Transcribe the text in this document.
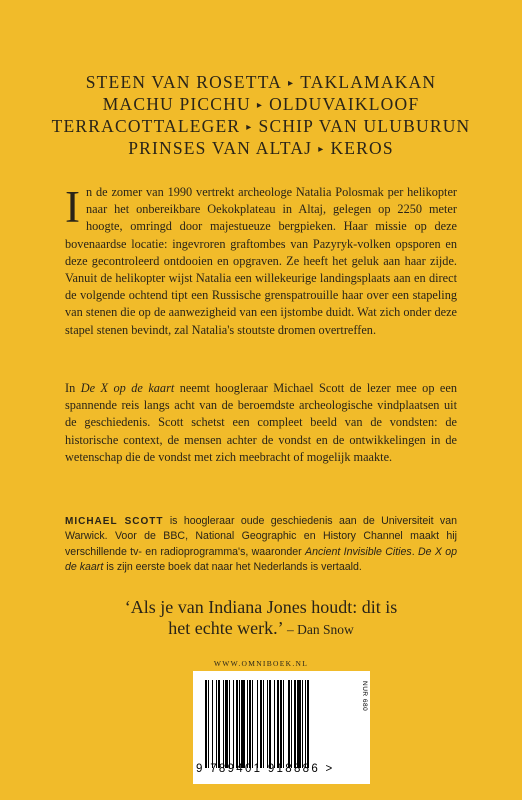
STEEN VAN ROSETTA ▸ TAKLAMAKAN
MACHU PICCHU ▸ OLDUVAIKLOOF
TERRACOTTALEGER ▸ SCHIP VAN ULUBURUN
PRINSES VAN ALTAJ ▸ KEROS
In de zomer van 1990 vertrekt archeologe Natalia Polosmak per helikopter naar het onbereikbare Oekokplateau in Altaj, gelegen op 2250 meter hoogte, omringd door majestueuze bergpieken. Haar missie op deze bovenaardse locatie: ingevroren graftombes van Pazyryk-volken opsporen en deze gecontroleerd ontdooien en opgraven. Ze heeft het geluk aan haar zijde. Vanuit de helikopter wijst Natalia een willekeurige landingsplaats aan en direct de volgende ochtend tipt een Russische grenspatrouille haar over een stapeling van stenen die op de aanwezigheid van een ijstombe duidt. Wat zich onder deze stapel stenen bevindt, zal Natalia's stoutste dromen overtreffen.
In De X op de kaart neemt hoogleraar Michael Scott de lezer mee op een spannende reis langs acht van de beroemdste archeologische vindplaatsen uit de geschiedenis. Scott schetst een compleet beeld van de vondsten: de historische context, de mensen achter de vondst en de ontwikkelingen in de wetenschap die de vondst met zich meebracht of mogelijk maakte.
MICHAEL SCOTT is hoogleraar oude geschiedenis aan de Universiteit van Warwick. Voor de BBC, National Geographic en History Channel maakt hij verschillende tv- en radioprogramma's, waaronder Ancient Invisible Cities. De X op de kaart is zijn eerste boek dat naar het Nederlands is vertaald.
‘Als je van Indiana Jones houdt: dit is
het echte werk.’ – Dan Snow
WWW.OMNIBOEK.NL
9 789401 918886 >
NUR 680
